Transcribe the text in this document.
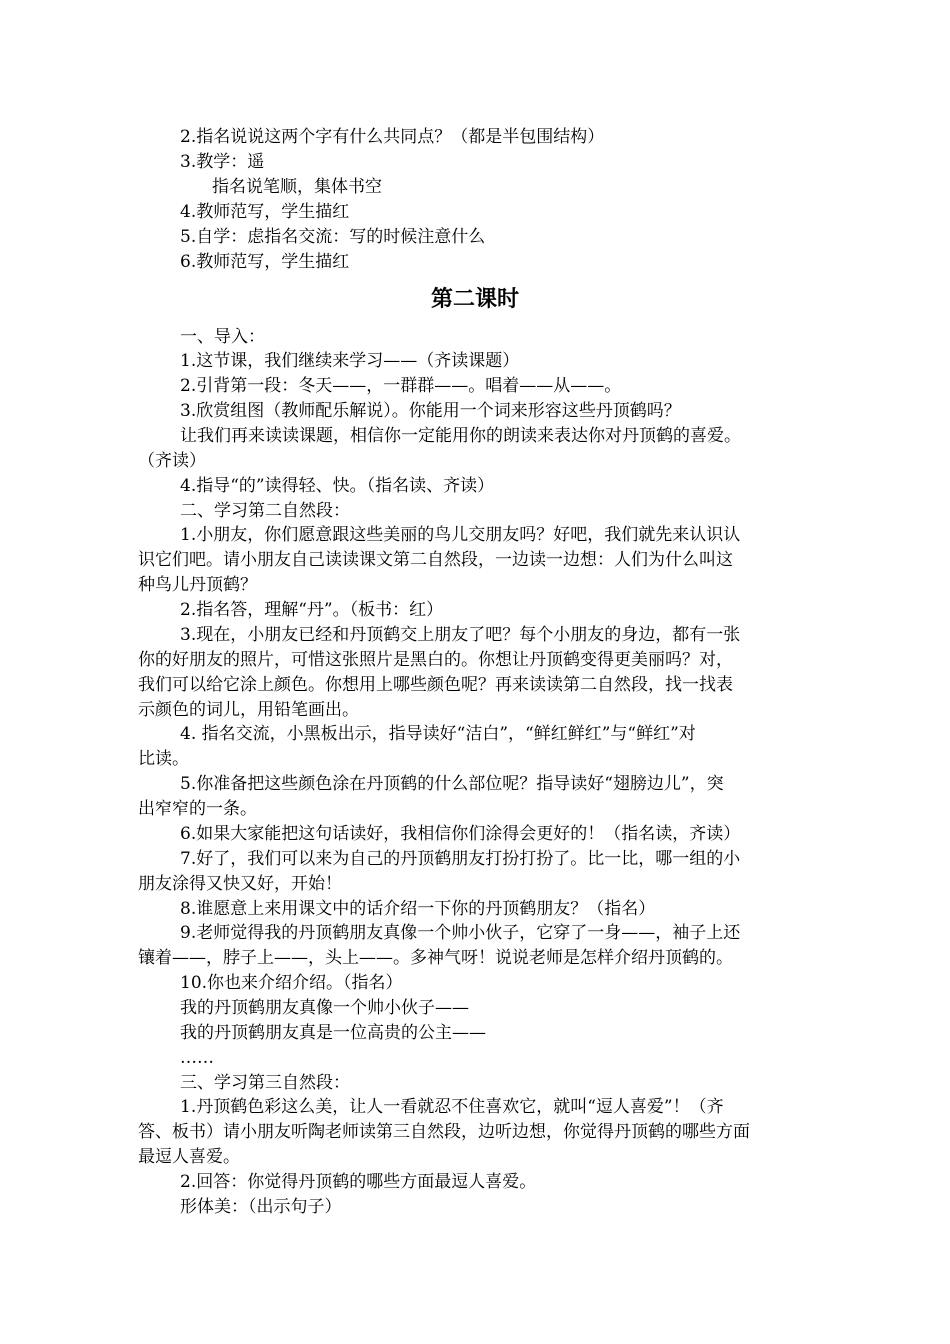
2.指名说说这两个字有什么共同点？（都是半包围结构）
3.教学：遥
指名说笔顺，集体书空
4.教师范写，学生描红
5.自学：虑指名交流：写的时候注意什么
6.教师范写，学生描红
第二课时
一、导入：
1.这节课，我们继续来学习——（齐读课题）
2.引背第一段：冬天——，一群群——。唱着——从——。
3.欣赏组图（教师配乐解说）。你能用一个词来形容这些丹顶鹤吗？
让我们再来读读课题，相信你一定能用你的朗读来表达你对丹顶鹤的喜爱。
（齐读）
4.指导“的”读得轻、快。（指名读、齐读）
二、学习第二自然段：
1.小朋友，你们愿意跟这些美丽的鸟儿交朋友吗？好吧，我们就先来认识认
识它们吧。请小朋友自己读读课文第二自然段，一边读一边想：人们为什么叫这
种鸟儿丹顶鹤？
2.指名答，理解“丹”。（板书：红）
3.现在，小朋友已经和丹顶鹤交上朋友了吧？每个小朋友的身边，都有一张
你的好朋友的照片，可惜这张照片是黑白的。你想让丹顶鹤变得更美丽吗？对，
我们可以给它涂上颜色。你想用上哪些颜色呢？再来读读第二自然段，找一找表
示颜色的词儿，用铅笔画出。
4. 指名交流，小黑板出示，指导读好“洁白”，“鲜红鲜红”与“鲜红”对
比读。
5.你准备把这些颜色涂在丹顶鹤的什么部位呢？指导读好“翅膀边儿”，突
出窄窄的一条。
6.如果大家能把这句话读好，我相信你们涂得会更好的！（指名读，齐读）
7.好了，我们可以来为自己的丹顶鹤朋友打扮打扮了。比一比，哪一组的小
朋友涂得又快又好，开始！
8.谁愿意上来用课文中的话介绍一下你的丹顶鹤朋友？（指名）
9.老师觉得我的丹顶鹤朋友真像一个帅小伙子，它穿了一身——，袖子上还
镶着——，脖子上——，头上——。多神气呀！说说老师是怎样介绍丹顶鹤的。
10.你也来介绍介绍。（指名）
我的丹顶鹤朋友真像一个帅小伙子——
我的丹顶鹤朋友真是一位高贵的公主——
……
三、学习第三自然段：
1.丹顶鹤色彩这么美，让人一看就忍不住喜欢它，就叫“逗人喜爱”！（齐
答、板书）请小朋友听陶老师读第三自然段，边听边想，你觉得丹顶鹤的哪些方面
最逗人喜爱。
2.回答：你觉得丹顶鹤的哪些方面最逗人喜爱。
形体美：（出示句子）
